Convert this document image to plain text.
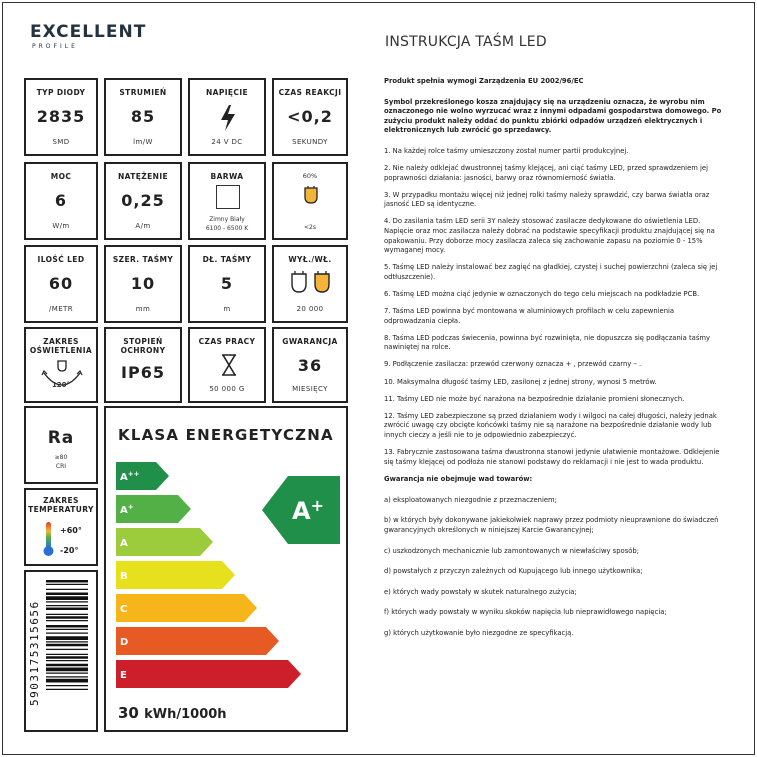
EXCELLENT
PROFILE	INSTRUKCJA TAŚM LED
TYP DIODY
2835
SMD
STRUMIEŃ
85
lm/W
NAPIĘCIE
24 V DC
CZAS REAKCJI
<0,2
SEKUNDY
MOC
6
W/m
NATĘŻENIE
0,25
A/m
BARWA
Zimny Biały
6100 - 6500 K
60%
<2s
ILOŚĆ LED
60
/METR
SZER. TAŚMY
10
mm
DŁ. TAŚMY
5
m
WYŁ./WŁ.
20 000
ZAKRES
OŚWIETLENIA
120°
STOPIEŃ
OCHRONY
IP65
CZAS PRACY
50 000 G
GWARANCJA
36
MIESIĘCY
Ra
≥80
CRI
ZAKRES
TEMPERATURY
+60°
-20°
5903175315656
KLASA ENERGETYCZNA
A++
A+
A
B
C
D
E
A+
30 kWh/1000h

Produkt spełnia wymogi Zarządzenia EU 2002/96/EC

Symbol przekreślonego kosza znajdujący się na urządzeniu oznacza, że wyrobu nim oznaczonego nie wolno wyrzucać wraz z innymi odpadami gospodarstwa domowego. Po zużyciu produkt należy oddać do punktu zbiórki odpadów urządzeń elektrycznych i elektronicznych lub zwrócić go sprzedawcy.

1. Na każdej rolce taśmy umieszczony został numer partii produkcyjnej.

2. Nie należy odklejać dwustronnej taśmy klejącej, ani ciąć taśmy LED, przed sprawdzeniem jej poprawności działania: jasności, barwy oraz równomierność światła.

3. W przypadku montażu więcej niż jednej rolki taśmy należy sprawdzić, czy barwa światła oraz jasność LED są identyczne.

4. Do zasilania taśm LED serii 3Y należy stosować zasilacze dedykowane do oświetlenia LED. Napięcie oraz moc zasilacza należy dobrać na podstawie specyfikacji produktu znajdującej się na opakowaniu. Przy doborze mocy zasilacza zaleca się zachowanie zapasu na poziomie 0 - 15% wymaganej mocy.

5. Taśmę LED należy instalować bez zagięć na gładkiej, czystej i suchej powierzchni (zaleca się jej odtłuszczenie).

6. Taśmę LED można ciąć jedynie w oznaczonych do tego celu miejscach na podkładzie PCB.

7. Taśma LED powinna być montowana w aluminiowych profilach w celu zapewnienia odprowadzania ciepła.

8. Taśma LED podczas świecenia, powinna być rozwinięta, nie dopuszcza się podłączania taśmy nawiniętej na rolce.

9. Podłączenie zasilacza: przewód czerwony oznacza + , przewód czarny – .

10. Maksymalna długość taśmy LED, zasilonej z jednej strony, wynosi 5 metrów.

11. Taśmy LED nie może być narażona na bezpośrednie działanie promieni słonecznych.

12. Taśmy LED zabezpieczone są przed działaniem wody i wilgoci na całej długości, należy jednak zwrócić uwagę czy obcięte końcówki taśmy nie są narażone na bezpośrednie działanie wody lub innych cieczy a jeśli nie to je odpowiednio zabezpieczyć.

13. Fabrycznie zastosowana taśma dwustronna stanowi jedynie ułatwienie montażowe. Odklejenie się taśmy klejącej od podłoża nie stanowi podstawy do reklamacji i nie jest to wada produktu.

Gwarancja nie obejmuje wad towarów:

a) eksploatowanych niezgodnie z przeznaczeniem;

b) w których były dokonywane jakiekolwiek naprawy przez podmioty nieuprawnione do świadczeń gwarancyjnych określonych w niniejszej Karcie Gwarancyjnej;

c) uszkodzonych mechanicznie lub zamontowanych w niewłaściwy sposób;

d) powstałych z przyczyn zależnych od Kupującego lub innego użytkownika;

e) których wady powstały w skutek naturalnego zużycia;

f) których wady powstały w wyniku skoków napięcia lub nieprawidłowego napięcia;

g) których użytkowanie było niezgodne ze specyfikacją.
